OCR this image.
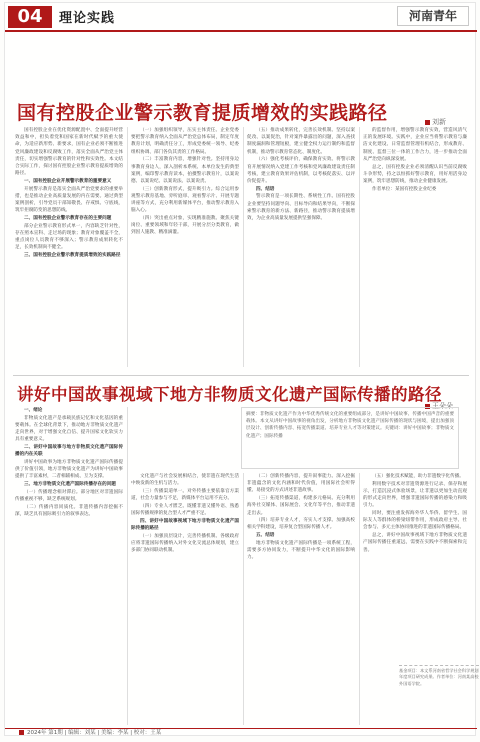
04	理论实践	河南青年
国有控股企业警示教育提质增效的实践路径	刘新

国有控股企业在优化资源配置中、全面提升经营效益和中，担负着党和国家在新时代赋予的重大使命，为适应新形势、新要求，国有企业必须不断推进党风廉政建设和反腐败工作，落实全面从严治党主体责任，切实增强警示教育的针对性和实效性。本文结合实际工作，探讨国有控股企业警示教育提质增效的路径。

一、国有控股企业开展警示教育的重要意义

开展警示教育是落实全面从严治党要求的重要举措，也是推动企业高质量发展的内在需要。通过典型案例剖析，引导党员干部知敬畏、存戒惧、守底线，筑牢拒腐防变的思想防线。

二、国有控股企业警示教育存在的主要问题

部分企业警示教育形式单一，内容缺乏针对性，存在照本宣科、走过场的现象；教育对象覆盖不全，重点岗位人员教育不够深入；警示教育成果转化不足，长效机制尚不健全。

三、国有控股企业警示教育提质增效的实践路径

（一）加强组织领导，压实主体责任。企业党委要把警示教育纳入全面从严治党总体布局，制定年度教育计划，明确责任分工，形成党委统一领导、纪委组织协调、部门各负其责的工作格局。

（二）丰富教育内容，增强针对性。坚持用身边事教育身边人，深入剖析本系统、本单位发生的典型案例，编印警示教育读本，拍摄警示教育片，以案说德、以案说纪、以案说法、以案说责。

（三）创新教育形式，提升吸引力。综合运用参观警示教育基地、旁听庭审、观看警示片、开展专题讲座等方式，充分利用新媒体平台，推动警示教育入脑入心。

（四）突出重点对象，实现精准施教。聚焦关键岗位、重要领域和年轻干部，开展分层分类教育，做到因人施教、精准滴灌。

（五）推动成果转化，完善长效机制。坚持以案促改、以案促治，针对案件暴露出的问题，深入查找制度漏洞和管理短板，建立健全权力运行制约和监督机制，推动警示教育常态化、制度化。

（六）强化考核评价，确保教育实效。将警示教育开展情况纳入党建工作考核和党风廉政建设责任制考核，建立教育效果评估机制，以考核促落实、以评价促提升。

四、结语

警示教育是一项长期性、系统性工作。国有控股企业要坚持问题导向、目标导向和结果导向，不断探索警示教育的新方法、新路径，推动警示教育提质增效，为企业高质量发展提供坚强保障。

的监督作用，增强警示教育实效，营造风清气正的发展环境。实践中，企业应当将警示教育与廉洁文化建设、日常监督管理有机结合，形成教育、制度、监督三位一体的工作合力，进一步推动全面从严治党向纵深发展。

总之，国有控股企业必须清醒认识当前反腐败斗争形势，持之以恒抓好警示教育，用好用活身边案例，筑牢思想防线，推动企业健康发展。

作者单位：某国有控股企业纪委

讲好中国故事视域下地方非物质文化遗产国际传播的路径
王朵朵
摘要：非物质文化遗产作为中华优秀传统文化的重要组成部分，是讲好中国故事、传播中国声音的重要载体。本文从讲好中国故事的视角出发，分析地方非物质文化遗产国际传播的现状与困境，提出加强顶层设计、创新传播内容、拓宽传播渠道、培养专业人才等对策建议。关键词：讲好中国故事；非物质文化遗产；国际传播

一、绪论

非物质文化遗产是承载民族记忆和文化基因的重要载体。在全球化背景下，推动地方非物质文化遗产走向世界，对于增强文化自信、提升国家文化软实力具有重要意义。

二、讲好中国故事与地方非物质文化遗产国际传播的内在关联

讲好中国故事为地方非物质文化遗产国际传播提供了价值引领，地方非物质文化遗产为讲好中国故事提供了丰富素材，二者相辅相成、互为支撑。

三、地方非物质文化遗产国际传播存在的问题

（一）传播理念相对滞后。部分地区对非遗国际传播重视不够，缺乏系统规划。

（二）传播内容同质化。非遗传播内容挖掘不深，缺乏具有国际吸引力的叙事表达。

文化遗产与社会发展相结合，使非遗在现代生活中焕发新的生机与活力。

（三）传播渠道单一。对外传播主要依靠官方渠道，社会力量参与不足，新媒体平台运用不充分。

（四）专业人才匮乏。既懂非遗又懂外语、熟悉国际传播规律的复合型人才严重不足。

四、讲好中国故事视域下地方非物质文化遗产国际传播的路径

（一）加强顶层设计，完善传播机制。各级政府应将非遗国际传播纳入对外文化交流总体规划，建立多部门协同联动机制。

（二）创新传播内容，提升叙事能力。深入挖掘非遗蕴含的文化内涵和时代价值，用国际社会听得懂、易接受的方式讲述非遗故事。

（三）拓宽传播渠道，构建多元格局。充分利用海外社交媒体、国际展会、文化年等平台，推动非遗走出去。

（四）培养专业人才，夯实人才支撑。加强高校相关学科建设，培养复合型国际传播人才。

五、结语

地方非物质文化遗产国际传播是一项系统工程，需要多方协同发力，不断提升中华文化的国际影响力。

（五）强化技术赋能，助力非遗数字化传播。

利用数字技术对非遗资源进行记录、保存和展示，打造沉浸式体验场景，让非遗以更加生动直观的形式走向世界，增强非遗国际传播的感染力和吸引力。

同时，要注重发挥海外华人华侨、留学生、国际友人等群体的桥梁纽带作用，形成政府主导、社会参与、多元主体协同推进的非遗国际传播格局。

总之，讲好中国故事视域下地方非物质文化遗产国际传播任重道远，需要在实践中不断探索和完善。

基金项目：本文系河南省哲学社会科学规划年度项目研究成果。作者单位：河南某高校外国语学院。
2024年 第1期 | 编辑：刘某 | 美编：李某 | 校对：王某
